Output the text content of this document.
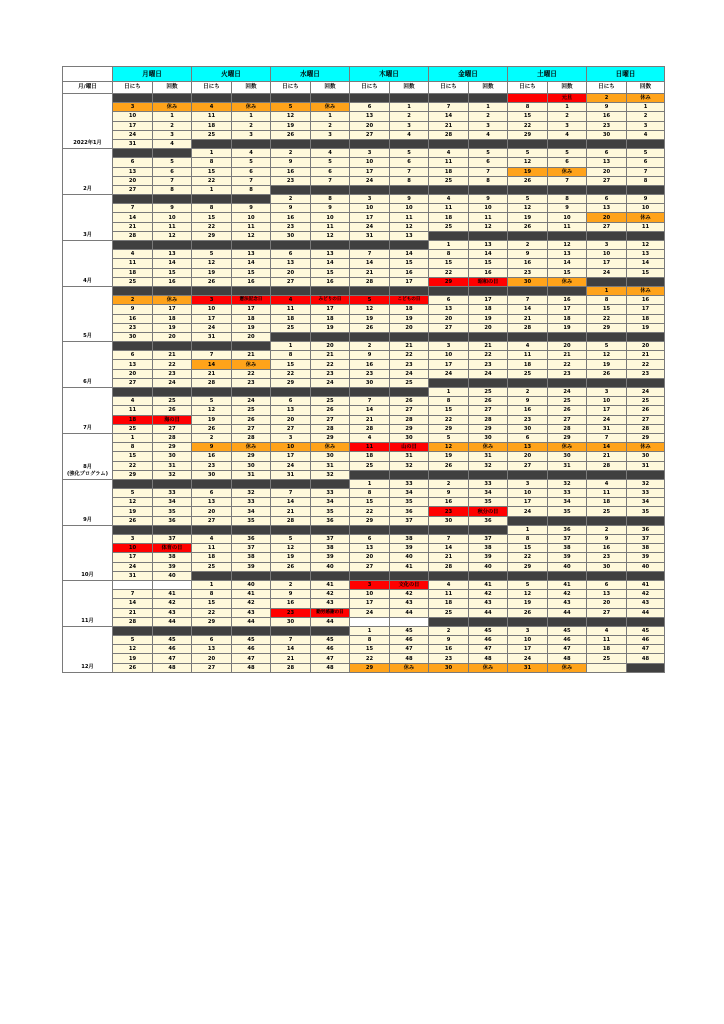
	月曜日		火曜日		水曜日		木曜日		金曜日		土曜日		日曜日	
月/曜日	日にち	回数	日にち	回数	日にち	回数	日にち	回数	日にち	回数	日にち	回数	日にち	回数
2022年1月												元旦	2	休み
	3	休み	4	休み	5	休み	6	1	7	1	8	1	9	1
	10	1	11	1	12	1	13	2	14	2	15	2	16	2
	17	2	18	2	19	2	20	3	21	3	22	3	23	3
	24	3	25	3	26	3	27	4	28	4	29	4	30	4
	31	4												
2月			1	4	2	4	3	5	4	5	5	5	6	5
	6	5	8	5	9	5	10	6	11	6	12	6	13	6
	13	6	15	6	16	6	17	7	18	7	19	休み	20	7
	20	7	22	7	23	7	24	8	25	8	26	7	27	8
	27	8	1	8										
3月					2	8	3	9	4	9	5	8	6	9
	7	9	8	9	9	9	10	10	11	10	12	9	13	10
	14	10	15	10	16	10	17	11	18	11	19	10	20	休み
	21	11	22	11	23	11	24	12	25	12	26	11	27	11
	28	12	29	12	30	12	31	13						
4月									1	13	2	12	3	12
	4	13	5	13	6	13	7	14	8	14	9	13	10	13
	11	14	12	14	13	14	14	15	15	15	16	14	17	14
	18	15	19	15	20	15	21	16	22	16	23	15	24	15
	25	16	26	16	27	16	28	17	29	昭和の日	30	休み		
5月													1	休み
	2	休み	3	憲法記念日	4	みどりの日	5	こどもの日	6	17	7	16	8	16
	9	17	10	17	11	17	12	18	13	18	14	17	15	17
	16	18	17	18	18	18	19	19	20	19	21	18	22	18
	23	19	24	19	25	19	26	20	27	20	28	19	29	19
	30	20	31	20										
6月					1	20	2	21	3	21	4	20	5	20
	6	21	7	21	8	21	9	22	10	22	11	21	12	21
	13	22	14	休み	15	22	16	23	17	23	18	22	19	22
	20	23	21	22	22	23	23	24	24	24	25	23	26	23
	27	24	28	23	29	24	30	25						
7月									1	25	2	24	3	24
	4	25	5	24	6	25	7	26	8	26	9	25	10	25
	11	26	12	25	13	26	14	27	15	27	16	26	17	26
	18	海の日	19	26	20	27	21	28	22	28	23	27	24	27
	25	27	26	27	27	28	28	29	29	29	30	28	31	28
8月
(強化プログラム)	1	28	2	28	3	29	4	30	5	30	6	29	7	29
	8	29	9	休み	10	休み	11	山の日	12	休み	13	休み	14	休み
	15	30	16	29	17	30	18	31	19	31	20	30	21	30
	22	31	23	30	24	31	25	32	26	32	27	31	28	31
	29	32	30	31	31	32								
9月							1	33	2	33	3	32	4	32
	5	33	6	32	7	33	8	34	9	34	10	33	11	33
	12	34	13	33	14	34	15	35	16	35	17	34	18	34
	19	35	20	34	21	35	22	36	23	秋分の日	24	35	25	35
	26	36	27	35	28	36	29	37	30	36				
10月											1	36	2	36
	3	37	4	36	5	37	6	38	7	37	8	37	9	37
	10	体育の日	11	37	12	38	13	39	14	38	15	38	16	38
	17	38	18	38	19	39	20	40	21	39	22	39	23	39
	24	39	25	39	26	40	27	41	28	40	29	40	30	40
	31	40												
11月			1	40	2	41	3	文化の日	4	41	5	41	6	41
	7	41	8	41	9	42	10	42	11	42	12	42	13	42
	14	42	15	42	16	43	17	43	18	43	19	43	20	43
	21	43	22	43	23	勤労感謝の日	24	44	25	44	26	44	27	44
	28	44	29	44	30	44								
12月							1	45	2	45	3	45	4	45
	5	45	6	45	7	45	8	46	9	46	10	46	11	46
	12	46	13	46	14	46	15	47	16	47	17	47	18	47
	19	47	20	47	21	47	22	48	23	48	24	48	25	48
	26	48	27	48	28	48	29	休み	30	休み	31	休み		
